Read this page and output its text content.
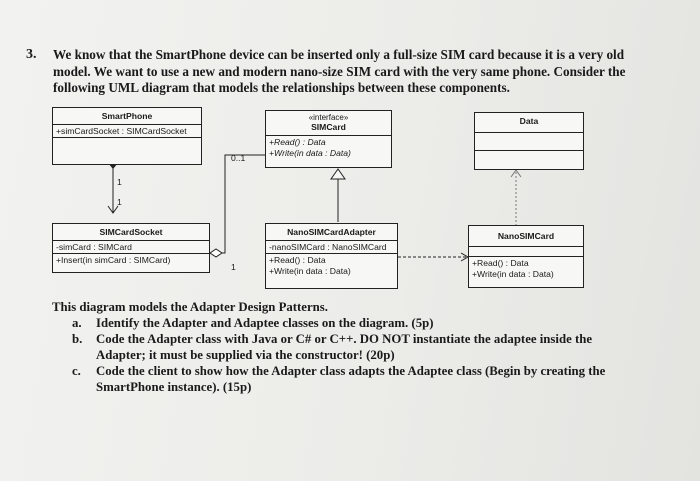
3. We know that the SmartPhone device can be inserted only a full-size SIM card because it is a very old
model. We want to use a new and modern nano-size SIM card with the very same phone. Consider the
following UML diagram that models the relationships between these components.
SmartPhone
+simCardSocket : SIMCardSocket
«interface»
SIMCard
+Read() : Data
+Write(in data : Data)
Data
SIMCardSocket
-simCard : SIMCard
+Insert(in simCard : SIMCard)
NanoSIMCardAdapter
-nanoSIMCard : NanoSIMCard
+Read() : Data
+Write(in data : Data)
NanoSIMCard
+Read() : Data
+Write(in data : Data)
1
1
0..1
1
This diagram models the Adapter Design Patterns.
a. Identify the Adapter and Adaptee classes on the diagram. (5p)
b. Code the Adapter class with Java or C# or C++. DO NOT instantiate the adaptee inside the
Adapter; it must be supplied via the constructor! (20p)
c. Code the client to show how the Adapter class adapts the Adaptee class (Begin by creating the
SmartPhone instance). (15p)
